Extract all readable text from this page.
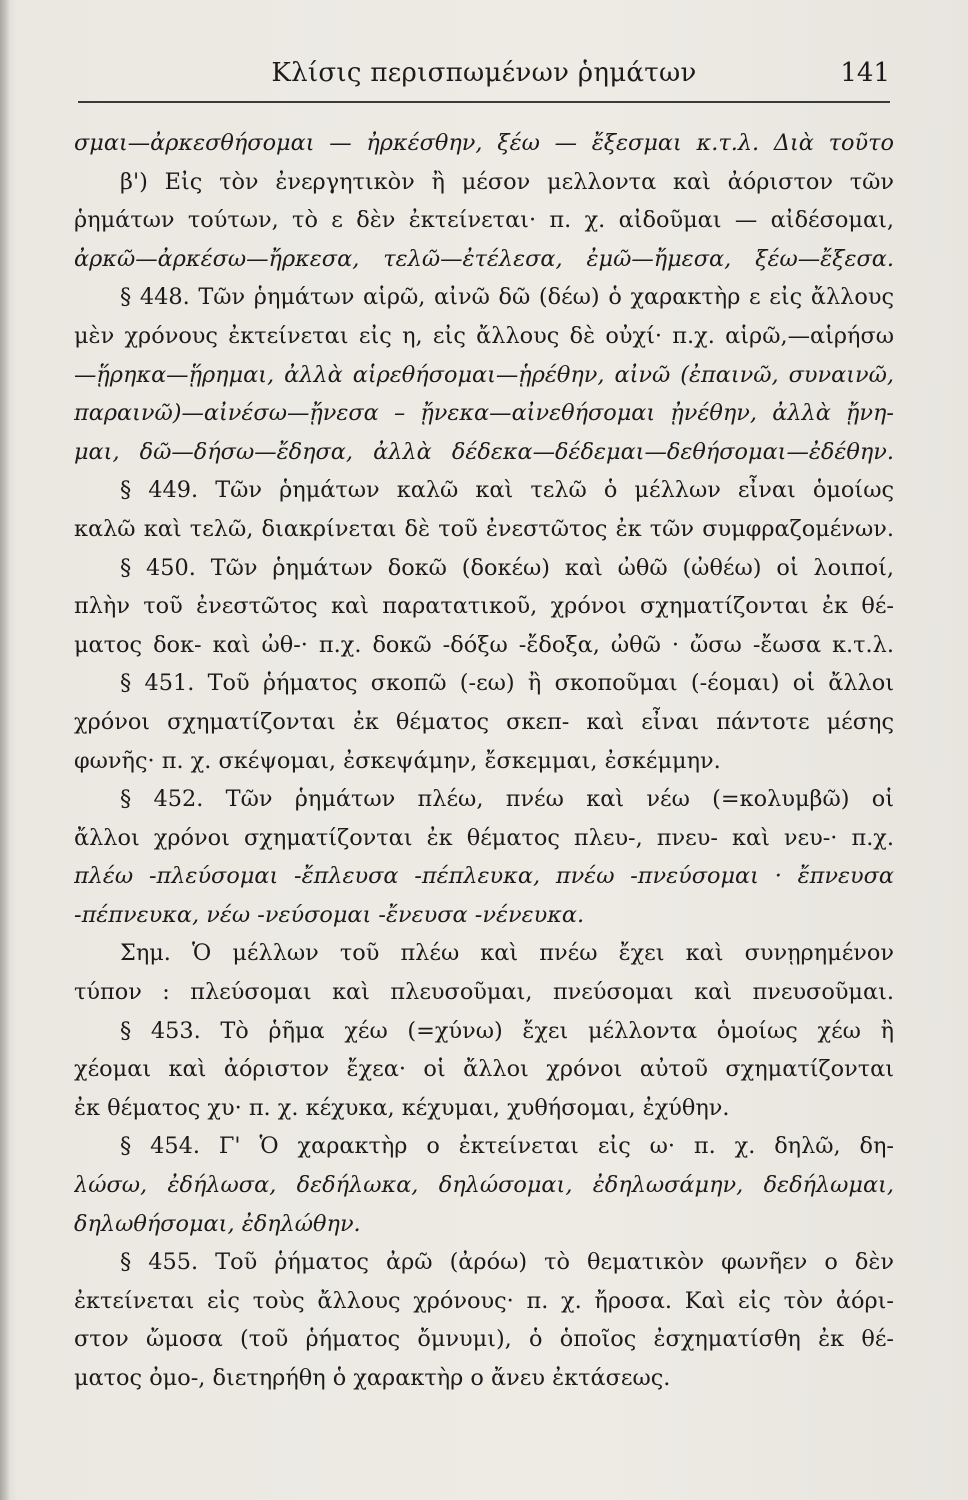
Κλίσις περισπωμένων ῥημάτων	141
σμαι—ἀρκεσθήσομαι — ἠρκέσθην, ξέω — ἔξεσμαι κ.τ.λ. Διὰ τοῦτο
β') Εἰς τὸν ἐνεργητικὸν ἢ μέσον μελλοντα καὶ ἀόριστον τῶν
ῥημάτων τούτων, τὸ ε δὲν ἐκτείνεται· π. χ. αἰδοῦμαι — αἰδέσομαι,
ἀρκῶ—ἀρκέσω—ἤρκεσα, τελῶ—ἐτέλεσα, ἐμῶ—ἤμεσα, ξέω—ἔξεσα.
§ 448. Τῶν ῥημάτων αἱρῶ, αἰνῶ δῶ (δέω) ὁ χαρακτὴρ ε εἰς ἄλλους
μὲν χρόνους ἐκτείνεται εἰς η, εἰς ἄλλους δὲ οὐχί· π.χ. αἱρῶ,—αἱρήσω
—ᾕρηκα—ᾕρημαι, ἀλλὰ αἱρεθήσομαι—ᾑρέθην, αἰνῶ (ἐπαινῶ, συναινῶ,
παραινῶ)—αἰνέσω—ᾔνεσα – ᾔνεκα—αἰνεθήσομαι ᾐνέθην, ἀλλὰ ᾔνη-
μαι, δῶ—δήσω—ἔδησα, ἀλλὰ δέδεκα—δέδεμαι—δεθήσομαι—ἐδέθην.
§ 449. Τῶν ῥημάτων καλῶ καὶ τελῶ ὁ μέλλων εἶναι ὁμοίως
καλῶ καὶ τελῶ, διακρίνεται δὲ τοῦ ἐνεστῶτος ἐκ τῶν συμφραζομένων.
§ 450. Τῶν ῥημάτων δοκῶ (δοκέω) καὶ ὠθῶ (ὠθέω) οἱ λοιποί,
πλὴν τοῦ ἐνεστῶτος καὶ παρατατικοῦ, χρόνοι σχηματίζονται ἐκ θέ-
ματος δοκ- καὶ ὠθ-· π.χ. δοκῶ -δόξω -ἔδοξα, ὠθῶ · ὤσω -ἔωσα κ.τ.λ.
§ 451. Τοῦ ῥήματος σκοπῶ (-εω) ἢ σκοποῦμαι (-έομαι) οἱ ἄλλοι
χρόνοι σχηματίζονται ἐκ θέματος σκεπ- καὶ εἶναι πάντοτε μέσης
φωνῆς· π. χ. σκέψομαι, ἐσκεψάμην, ἔσκεμμαι, ἐσκέμμην.
§ 452. Τῶν ῥημάτων πλέω, πνέω καὶ νέω (=κολυμβῶ) οἱ
ἄλλοι χρόνοι σχηματίζονται ἐκ θέματος πλευ-, πνευ- καὶ νευ-· π.χ.
πλέω -πλεύσομαι -ἔπλευσα -πέπλευκα, πνέω -πνεύσομαι · ἔπνευσα
-πέπνευκα, νέω -νεύσομαι -ἔνευσα -νένευκα.
Σημ. Ὁ μέλλων τοῦ πλέω καὶ πνέω ἔχει καὶ συνῃρημένον
τύπον : πλεύσομαι καὶ πλευσοῦμαι, πνεύσομαι καὶ πνευσοῦμαι.
§ 453. Τὸ ῥῆμα χέω (=χύνω) ἔχει μέλλοντα ὁμοίως χέω ἢ
χέομαι καὶ ἀόριστον ἔχεα· οἱ ἄλλοι χρόνοι αὐτοῦ σχηματίζονται
ἐκ θέματος χυ· π. χ. κέχυκα, κέχυμαι, χυθήσομαι, ἐχύθην.
§ 454. Γ' Ὁ χαρακτὴρ ο ἐκτείνεται εἰς ω· π. χ. δηλῶ, δη-
λώσω, ἐδήλωσα, δεδήλωκα, δηλώσομαι, ἐδηλωσάμην, δεδήλωμαι,
δηλωθήσομαι, ἐδηλώθην.
§ 455. Τοῦ ῥήματος ἀρῶ (ἀρόω) τὸ θεματικὸν φωνῆεν ο δὲν
ἐκτείνεται εἰς τοὺς ἄλλους χρόνους· π. χ. ἤροσα. Καὶ εἰς τὸν ἀόρι-
στον ὤμοσα (τοῦ ῥήματος ὄμνυμι), ὁ ὁποῖος ἐσχηματίσθη ἐκ θέ-
ματος ὀμο-, διετηρήθη ὁ χαρακτὴρ ο ἄνευ ἐκτάσεως.
